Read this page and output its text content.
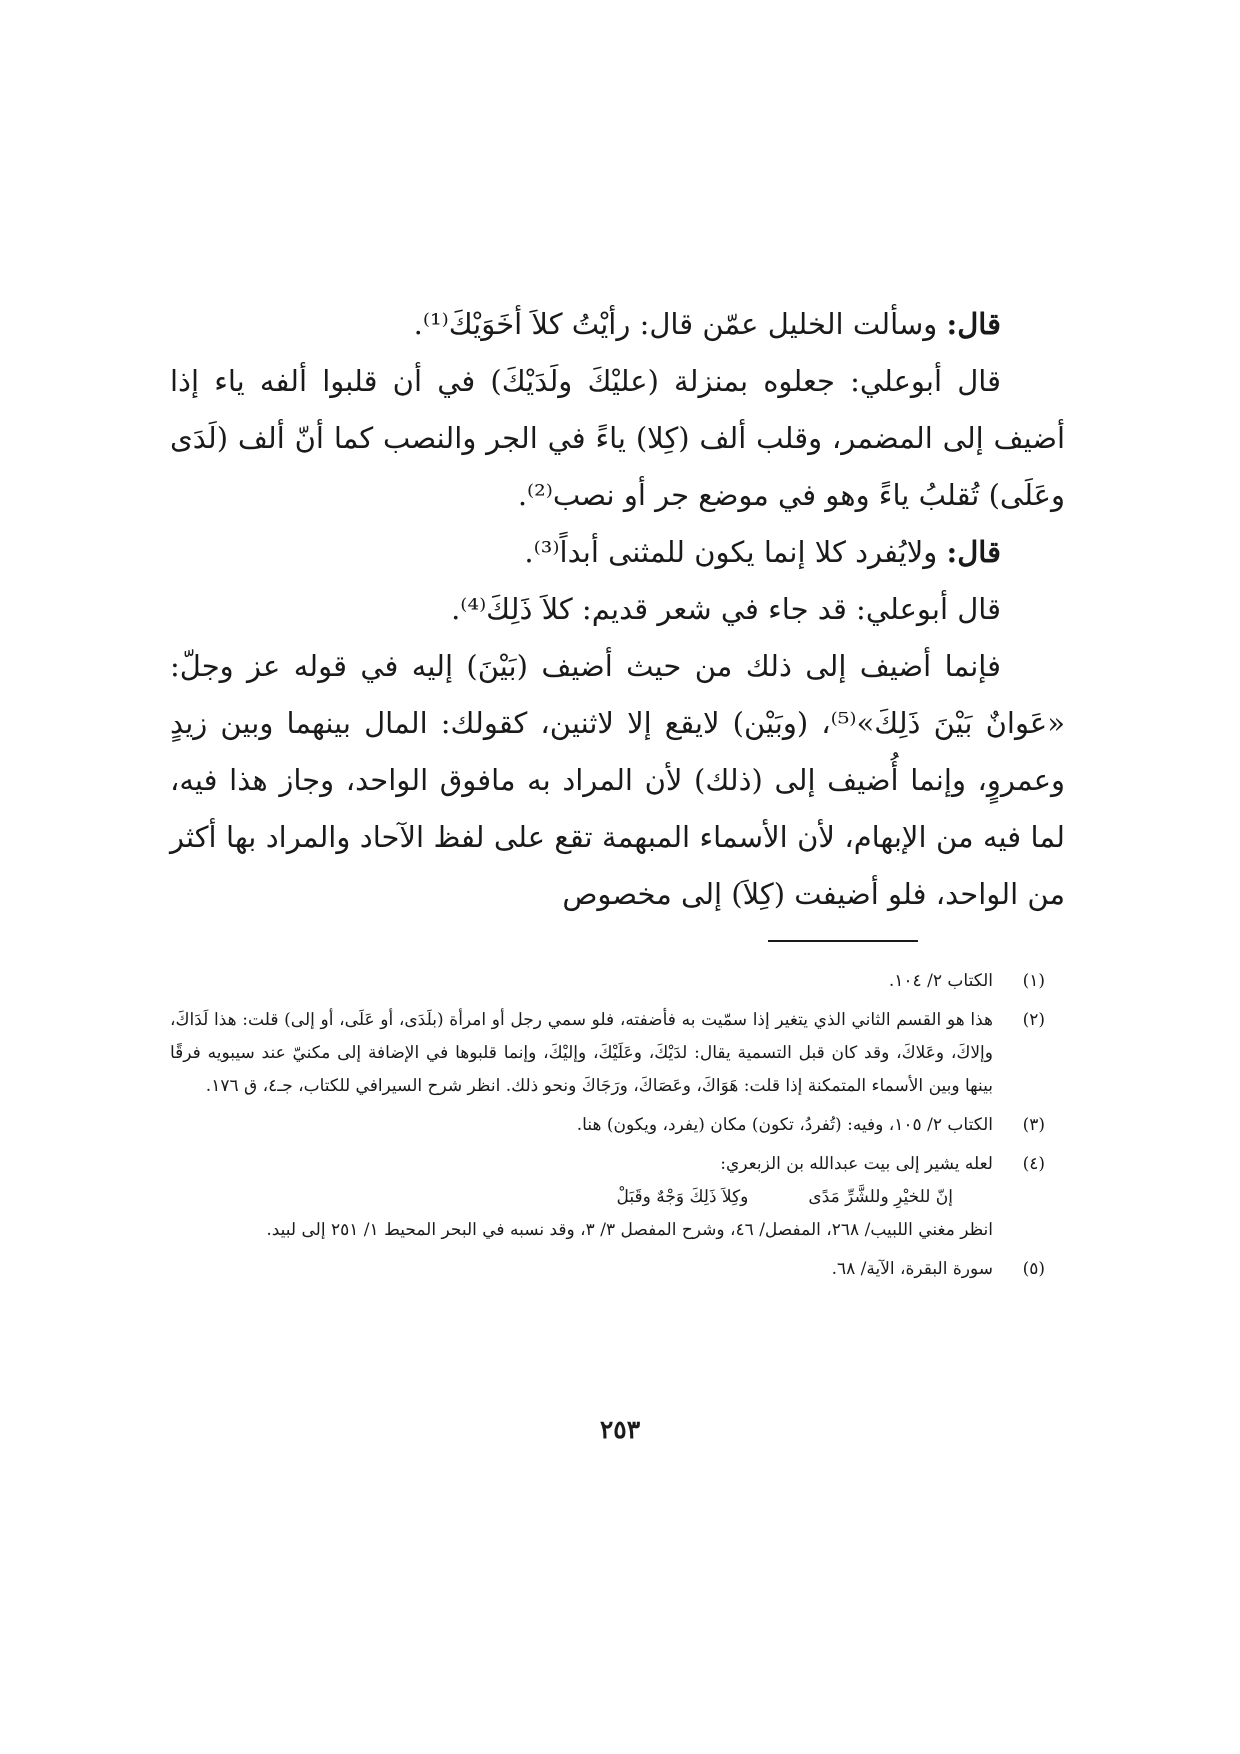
قال: وسألت الخليل عمّن قال: رأيْتُ كلاَ أخَوَيْكَ⁽¹⁾.

قال أبوعلي: جعلوه بمنزلة (عليْكَ ولَدَيْكَ) في أن قلبوا ألفه ياء إذا أضيف إلى المضمر، وقلب ألف (كِلا) ياءً في الجر والنصب كما أنّ ألف (لَدَى وعَلَى) تُقلبُ ياءً وهو في موضع جر أو نصب⁽²⁾.

قال: ولايُفرد كلا إنما يكون للمثنى أبداً⁽³⁾.

قال أبوعلي: قد جاء في شعر قديم: كلاَ ذَلِكَ⁽⁴⁾.

فإنما أضيف إلى ذلك من حيث أضيف (بَيْنَ) إليه في قوله عز وجلّ: «عَوانٌ بَيْنَ ذَلِكَ»⁽⁵⁾، (وبَيْن) لايقع إلا لاثنين، كقولك: المال بينهما وبين زيدٍ وعمروٍ، وإنما أُضيف إلى (ذلك) لأن المراد به مافوق الواحد، وجاز هذا فيه، لما فيه من الإبهام، لأن الأسماء المبهمة تقع على لفظ الآحاد والمراد بها أكثر من الواحد، فلو أضيفت (كِلاَ) إلى مخصوص

(١)
الكتاب ٢/ ١٠٤.
(٢)
هذا هو القسم الثاني الذي يتغير إذا سمّيت به فأضفته، فلو سمي رجل أو امرأة (بلَدَى، أو عَلَى، أو إلى) قلت: هذا لَدَاكَ، وإلاكَ، وعَلاكَ، وقد كان قبل التسمية يقال: لدَيْكَ، وعَلَيْكَ، وإليْكَ، وإنما قلبوها في الإضافة إلى مكنيّ عند سيبويه فرقًا بينها وبين الأسماء المتمكنة إذا قلت: هَوَاكَ، وعَصَاكَ، ورَجَاكَ ونحو ذلك. انظر شرح السيرافي للكتاب، جـ٤، ق ١٧٦.
(٣)
الكتاب ٢/ ١٠٥، وفيه: (تُفردُ، تكون) مكان (يفرد، ويكون) هنا.
(٤)
لعله يشير إلى بيت عبدالله بن الزبعري:
إنّ للخيْرِ وللشَّرِّ مَدًى
وكِلاَ ذَلِكَ وَجْهٌ وقَبَلْ
انظر مغني اللبيب/ ٢٦٨، المفصل/ ٤٦، وشرح المفصل ٣/ ٣، وقد نسبه في البحر المحيط ١/ ٢٥١ إلى لبيد.
(٥)
سورة البقرة، الآية/ ٦٨.
٢٥٣
